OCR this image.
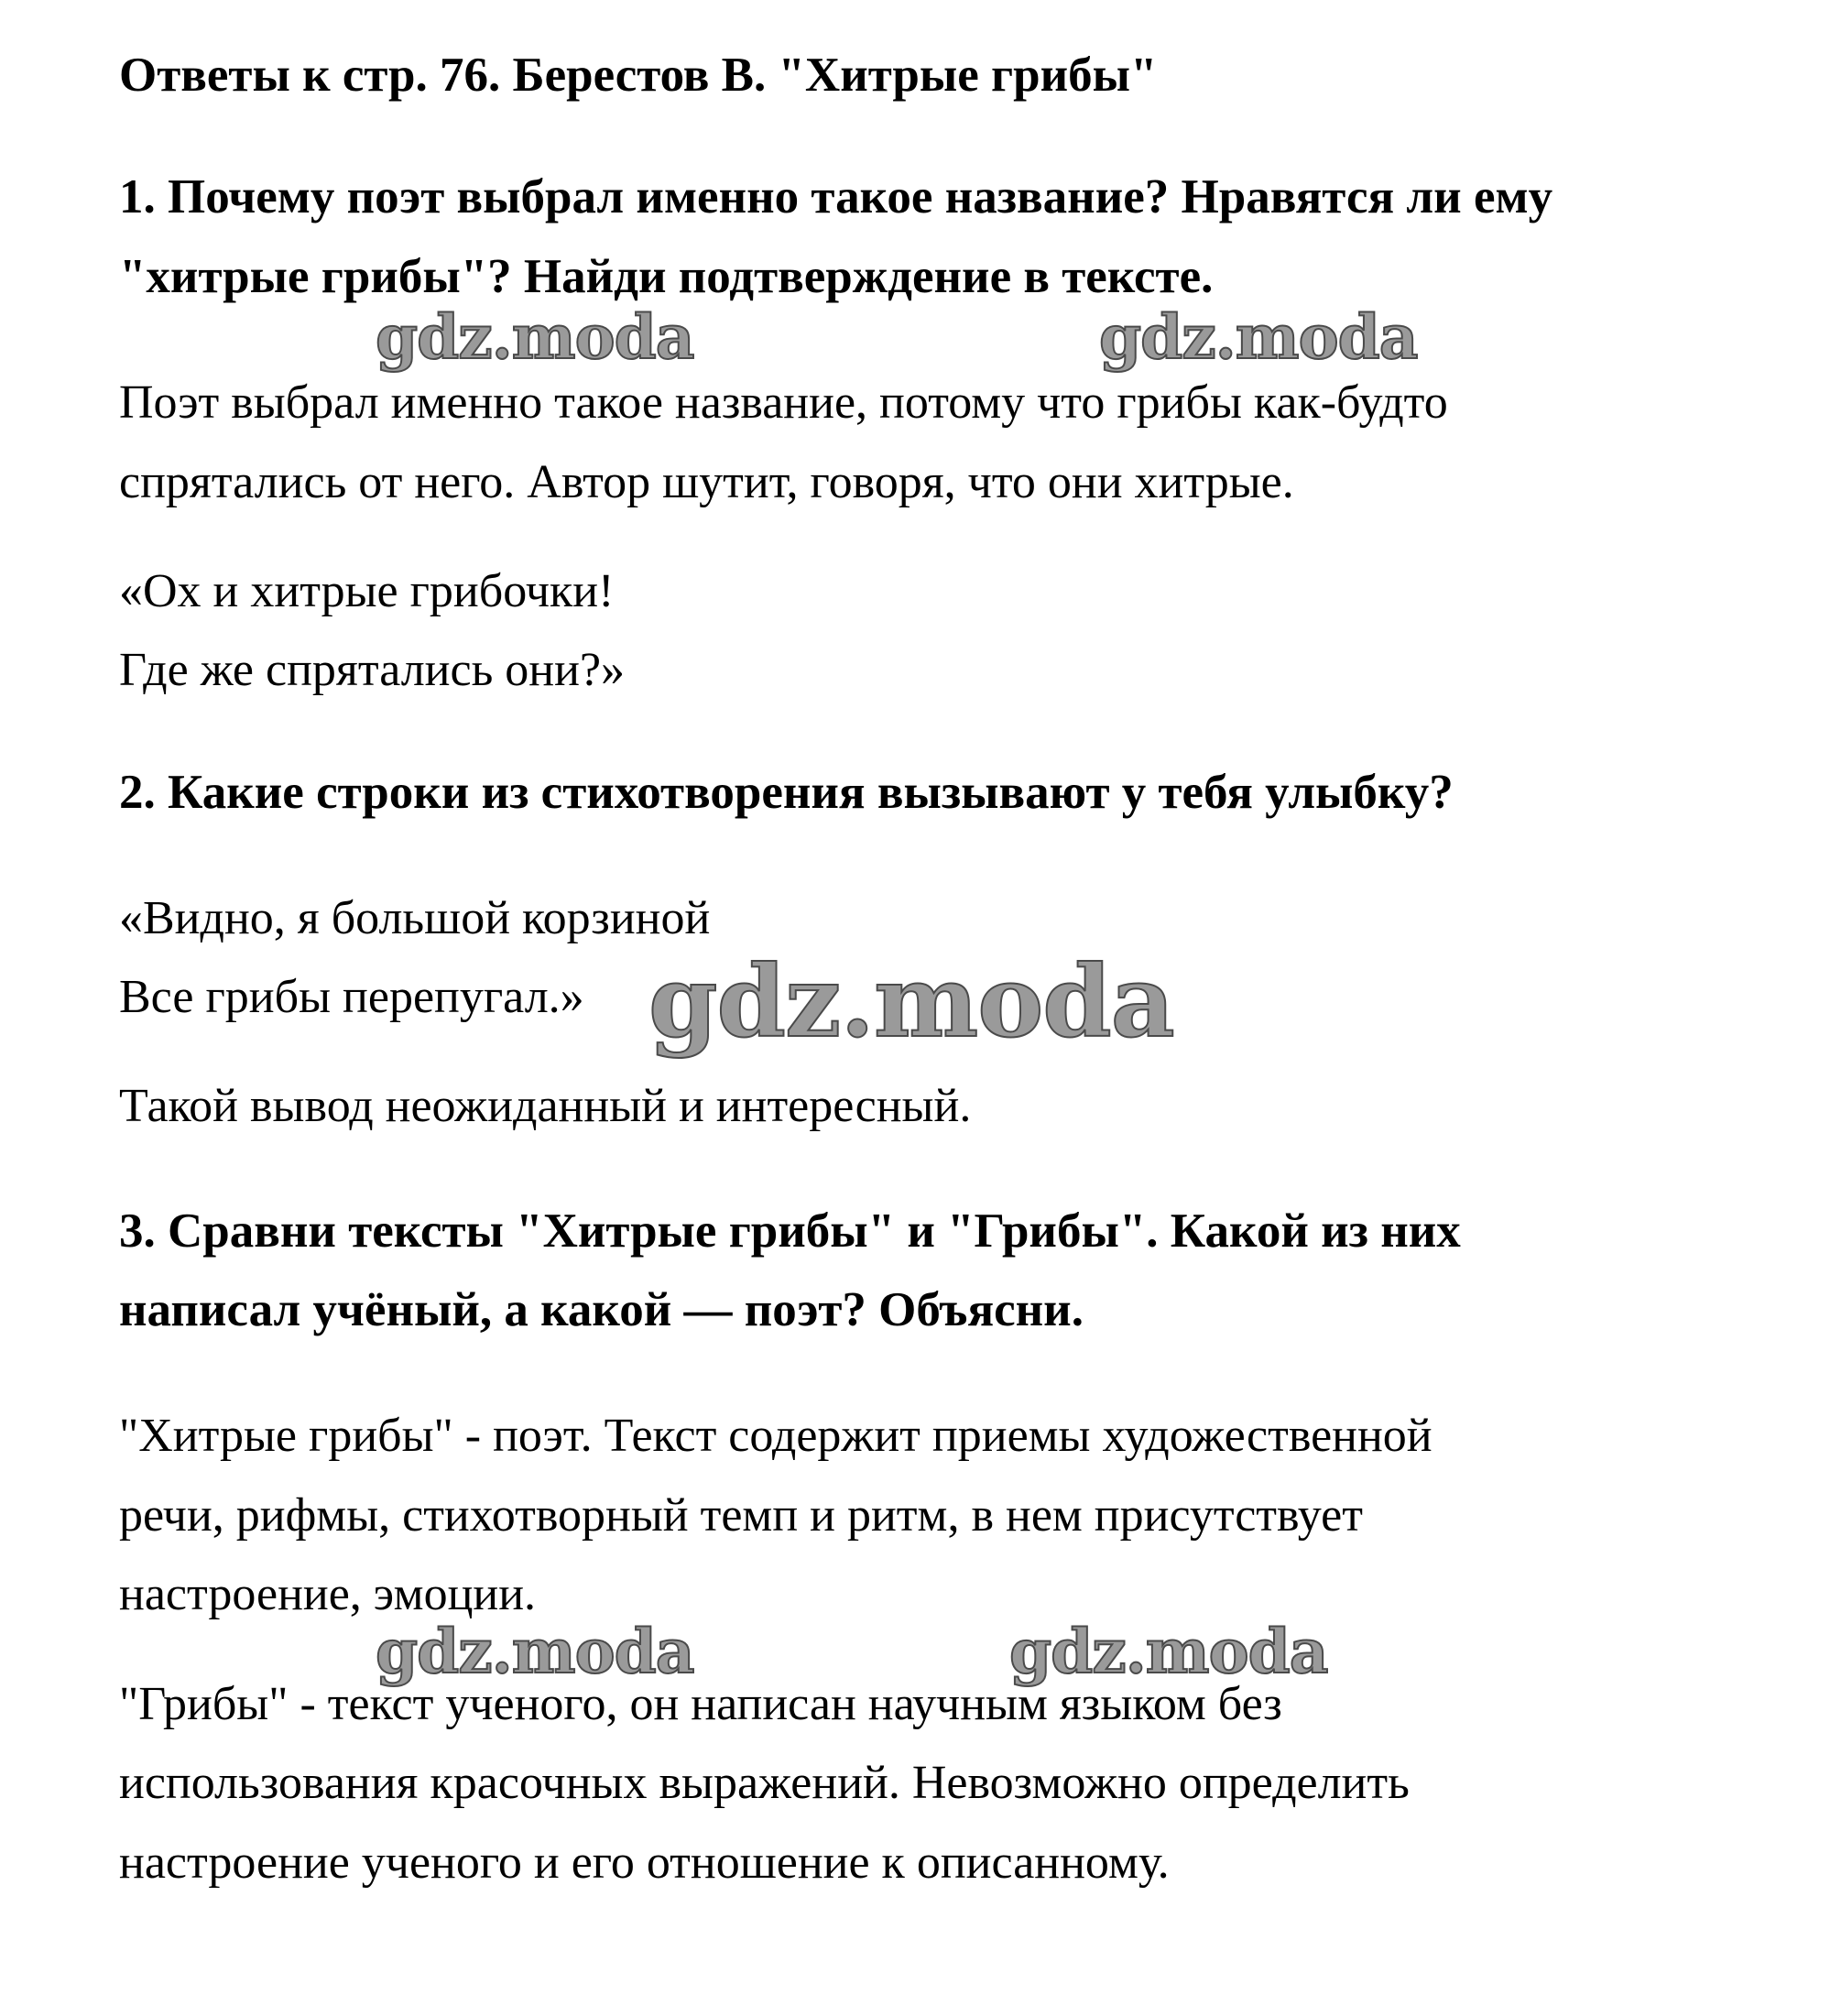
Ответы к стр. 76. Берестов В. "Хитрые грибы"
1. Почему поэт выбрал именно такое название? Нравятся ли ему
"хитрые грибы"? Найди подтверждение в тексте.
Поэт выбрал именно такое название, потому что грибы как-будто
спрятались от него. Автор шутит, говоря, что они хитрые.
«Ох и хитрые грибочки!
Где же спрятались они?»
2. Какие строки из стихотворения вызывают у тебя улыбку?
«Видно, я большой корзиной
Все грибы перепугал.»
Такой вывод неожиданный и интересный.
3. Сравни тексты "Хитрые грибы" и "Грибы". Какой из них
написал учёный, а какой — поэт? Объясни.
"Хитрые грибы" - поэт. Текст содержит приемы художественной
речи, рифмы, стихотворный темп и ритм, в нем присутствует
настроение, эмоции.
"Грибы" - текст ученого, он написан научным языком без
использования красочных выражений. Невозможно определить
настроение ученого и его отношение к описанному.
gdz.moda	gdz.moda
gdz.moda
gdz.moda	gdz.moda
